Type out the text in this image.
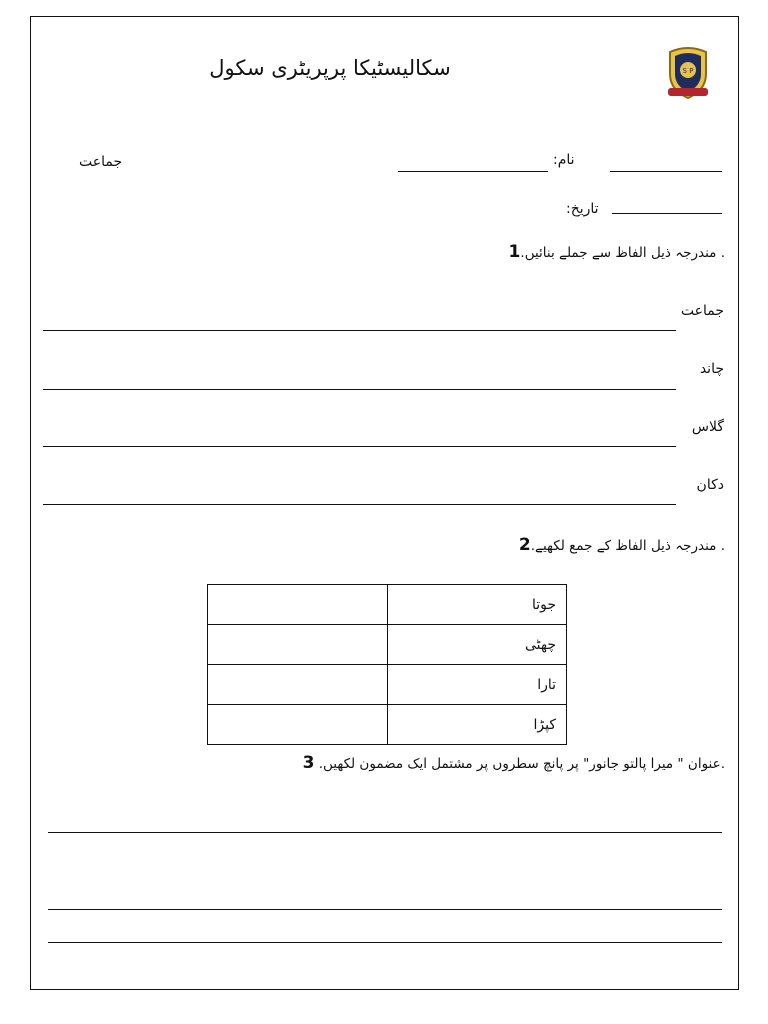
سکالیسٹیکا پرپریٹری سکول	S P
جماعت	نام:
تاریخ:
1.مندرجہ ذیل الفاظ سے جملے بنائیں .
جماعت
چاند
گلاس
دکان
2.مندرجہ ذیل الفاظ کے جمع لکھیے .
	جوتا
	چھٹی
	تارا
	کپڑا
3 .عنوان " میرا پالتو جانور" پر پانچ سطروں پر مشتمل ایک مضمون لکھیں.
